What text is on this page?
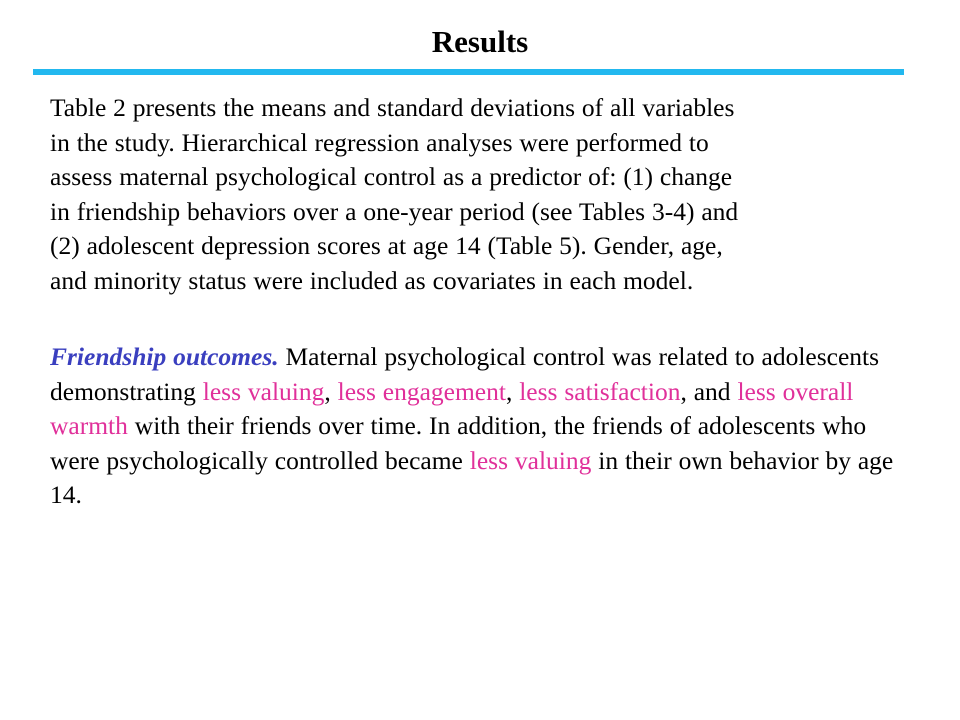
Results
Table 2 presents the means and standard deviations of all variables
in the study. Hierarchical regression analyses were performed to
assess maternal psychological control as a predictor of: (1) change
in friendship behaviors over a one-year period (see Tables 3-4) and
(2) adolescent depression scores at age 14 (Table 5). Gender, age,
and minority status were included as covariates in each model.
Friendship outcomes. Maternal psychological control was related to adolescents demonstrating less valuing, less engagement, less satisfaction, and less overall warmth with their friends over time. In addition, the friends of adolescents who were psychologically controlled became less valuing in their own behavior by age 14.
